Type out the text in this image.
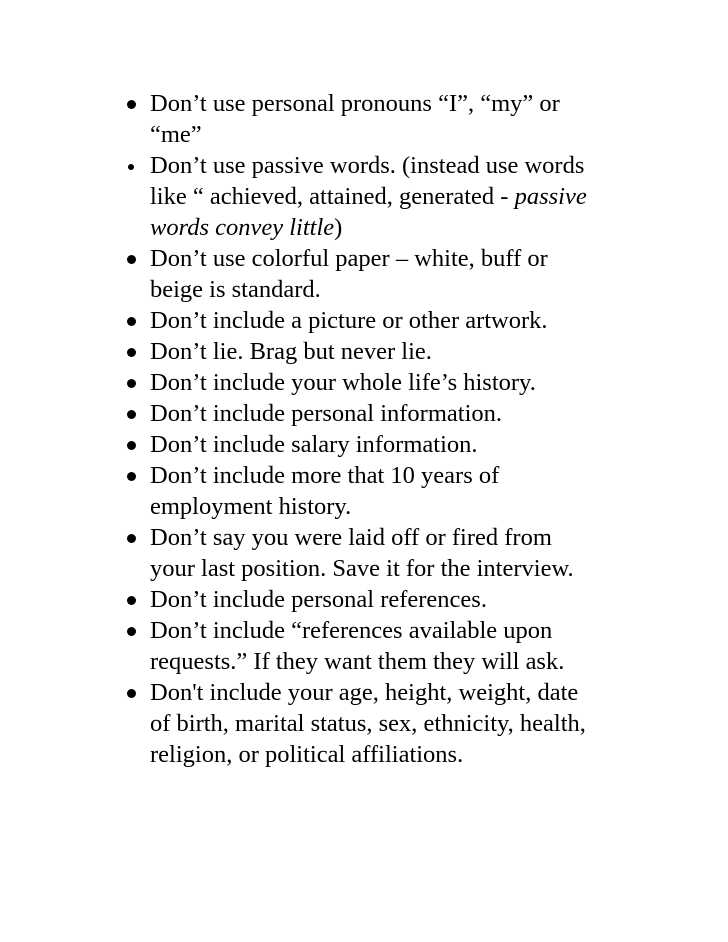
Don’t use personal pronouns “I”, “my” or
“me”
Don’t use passive words. (instead use words
like “ achieved, attained, generated - passive
words convey little)
Don’t use colorful paper – white, buff or
beige is standard.
Don’t include a picture or other artwork.
Don’t lie. Brag but never lie.
Don’t include your whole life’s history.
Don’t include personal information.
Don’t include salary information.
Don’t include more that 10 years of
employment history.
Don’t say you were laid off or fired from
your last position. Save it for the interview.
Don’t include personal references.
Don’t include “references available upon
requests.” If they want them they will ask.
Don't include your age, height, weight, date
of birth, marital status, sex, ethnicity, health,
religion, or political affiliations.
